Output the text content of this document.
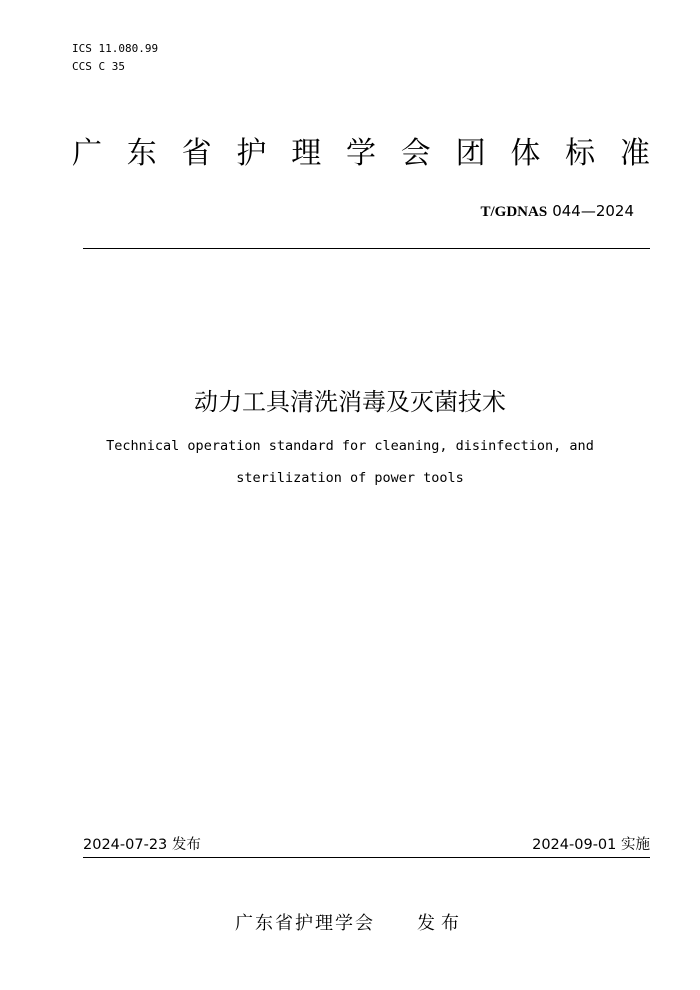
ICS 11.080.99
CCS C 35
广 东 省 护 理 学 会 团 体 标 准
T/GDNAS 044—2024
动力工具清洗消毒及灭菌技术
Technical operation standard for cleaning, disinfection, and
sterilization of power tools
2024-07-23 发布	2024-09-01 实施
广东省护理学会 发布
